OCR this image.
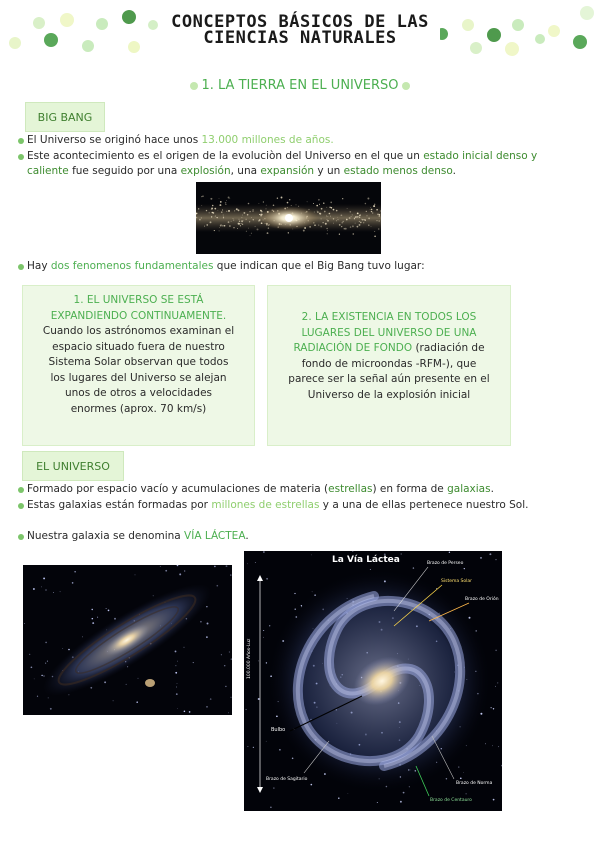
CONCEPTOS BÁSICOS DE LAS
CIENCIAS NATURALES
1. LA TIERRA EN EL UNIVERSO
BIG BANG
El Universo se originó hace unos 13.000 millones de años.
Este acontecimiento es el origen de la evoluciòn del Universo en el que un estado inicial denso y caliente fue seguido por una explosión, una expansión y un estado menos denso.
Hay dos fenomenos fundamentales que indican que el Big Bang tuvo lugar:
1. EL UNIVERSO SE ESTÁ EXPANDIENDO CONTINUAMENTE.
Cuando los astrónomos examinan el espacio situado fuera de nuestro Sistema Solar observan que todos los lugares del Universo se alejan unos de otros a velocidades enormes (aprox. 70 km/s)
2. LA EXISTENCIA EN TODOS LOS LUGARES DEL UNIVERSO DE UNA RADIACIÓN DE FONDO (radiación de fondo de microondas -RFM-), que parece ser la señal aún presente en el Universo de la explosión inicial
EL UNIVERSO
Formado por espacio vacío y acumulaciones de materia (estrellas) en forma de galaxias.
Estas galaxias están formadas por millones de estrellas y a una de ellas pertenece nuestro Sol.
Nuestra galaxia se denomina VÍA LÁCTEA.
La Vía Láctea	Brazo de Perseo
Sistema Solar
Brazo de Orión
100.000 Años-Luz
Bulbo
Brazo de Sagitario
Brazo de Norma
Brazo de Centauro
